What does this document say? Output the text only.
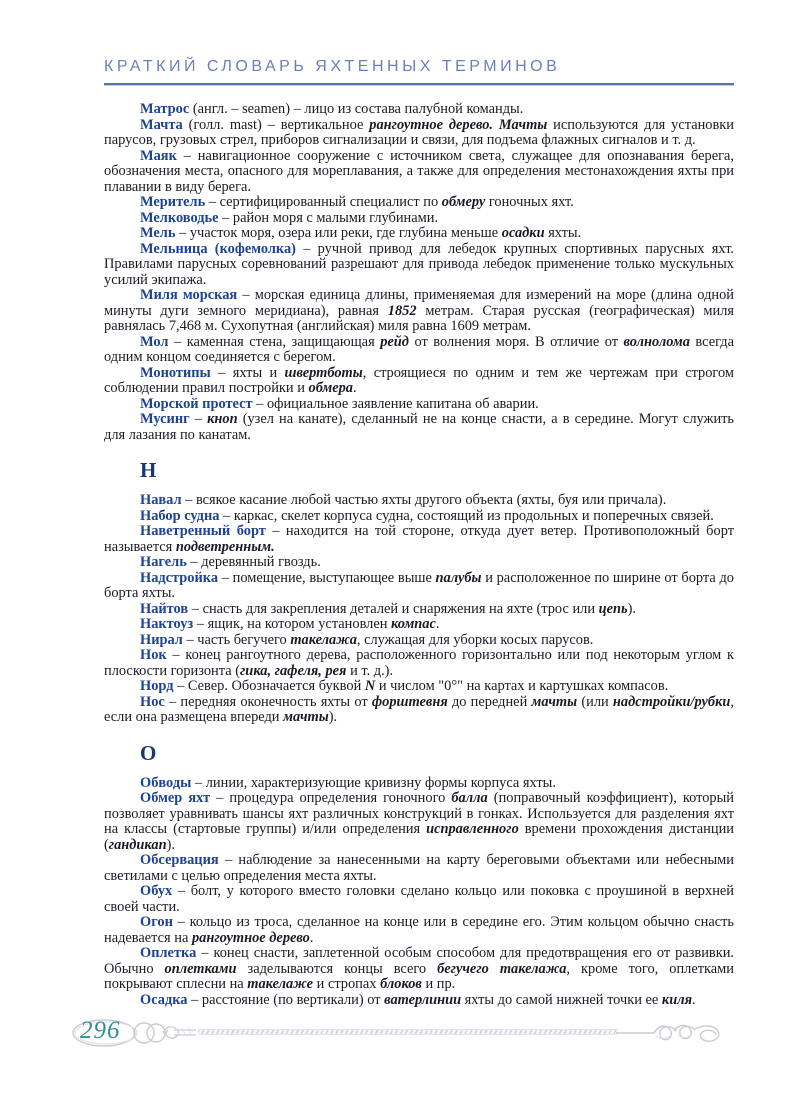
КРАТКИЙ СЛОВАРЬ ЯХТЕННЫХ ТЕРМИНОВ

Матрос (англ. – seamen) – лицо из состава палубной команды.

Мачта (голл. mast) – вертикальное рангоутное дерево. Мачты используются для установки парусов, грузовых стрел, приборов сигнализации и связи, для подъема флажных сигналов и т. д.

Маяк – навигационное сооружение с источником света, служащее для опознавания берега, обозначения места, опасного для мореплавания, а также для определения местонахождения яхты при плавании в виду берега.

Меритель – сертифицированный специалист по обмеру гоночных яхт.

Мелководье – район моря с малыми глубинами.

Мель – участок моря, озера или реки, где глубина меньше осадки яхты.

Мельница (кофемолка) – ручной привод для лебедок крупных спортивных парусных яхт. Правилами парусных соревнований разрешают для привода лебедок применение только мускульных усилий экипажа.

Миля морская – морская единица длины, применяемая для измерений на море (длина одной минуты дуги земного меридиана), равная 1852 метрам. Старая русская (географическая) миля равнялась 7,468 м. Сухопутная (английская) миля равна 1609 метрам.

Мол – каменная стена, защищающая рейд от волнения моря. В отличие от волнолома всегда одним концом соединяется с берегом.

Монотипы – яхты и швертботы, строящиеся по одним и тем же чертежам при строгом соблюдении правил постройки и обмера.

Морской протест – официальное заявление капитана об аварии.

Мусинг – кноп (узел на канате), сделанный не на конце снасти, а в середине. Могут служить для лазания по канатам.

Н

Навал – всякое касание любой частью яхты другого объекта (яхты, буя или причала).

Набор судна – каркас, скелет корпуса судна, состоящий из продольных и поперечных связей.

Наветренный борт – находится на той стороне, откуда дует ветер. Противоположный борт называется подветренным.

Нагель – деревянный гвоздь.

Надстройка – помещение, выступающее выше палубы и расположенное по ширине от борта до борта яхты.

Найтов – снасть для закрепления деталей и снаряжения на яхте (трос или цепь).

Нактоуз – ящик, на котором установлен компас.

Нирал – часть бегучего такелажа, служащая для уборки косых парусов.

Нок – конец рангоутного дерева, расположенного горизонтально или под некоторым углом к плоскости горизонта (гика, гафеля, рея и т. д.).

Норд – Север. Обозначается буквой N и числом "0°" на картах и картушках компасов.

Нос – передняя оконечность яхты от форштевня до передней мачты (или надстройки/рубки, если она размещена впереди мачты).

О

Обводы – линии, характеризующие кривизну формы корпуса яхты.

Обмер яхт – процедура определения гоночного балла (поправочный коэффициент), который позволяет уравнивать шансы яхт различных конструкций в гонках. Используется для разделения яхт на классы (стартовые группы) и/или определения исправленного времени прохождения дистанции (гандикап).

Обсервация – наблюдение за нанесенными на карту береговыми объектами или небесными светилами с целью определения места яхты.

Обух – болт, у которого вместо головки сделано кольцо или поковка с проушиной в верхней своей части.

Огон – кольцо из троса, сделанное на конце или в середине его. Этим кольцом обычно снасть надевается на рангоутное дерево.

Оплетка – конец снасти, заплетенной особым способом для предотвращения его от развивки. Обычно оплетками заделываются концы всего бегучего такелажа, кроме того, оплетками покрывают сплесни на такелаже и стропах блоков и пр.

Осадка – расстояние (по вертикали) от ватерлинии яхты до самой нижней точки ее киля.

296
